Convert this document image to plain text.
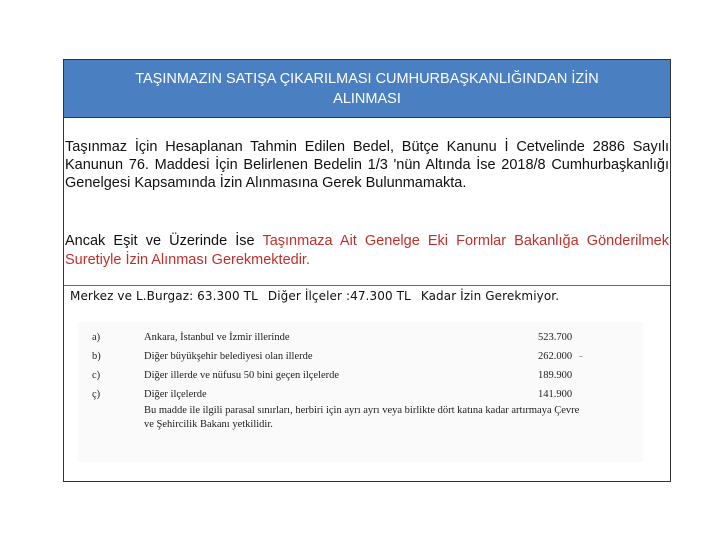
TAŞINMAZIN SATIŞA ÇIKARILMASI CUMHURBAŞKANLIĞINDAN İZİN ALINMASI
Taşınmaz İçin Hesaplanan Tahmin Edilen Bedel, Bütçe Kanunu İ Cetvelinde 2886 Sayılı Kanunun 76. Maddesi İçin Belirlenen Bedelin 1/3 'nün Altında İse 2018/8 Cumhurbaşkanlığı Genelgesi Kapsamında İzin Alınmasına Gerek Bulunmamakta.
Ancak Eşit ve Üzerinde İse Taşınmaza Ait Genelge Eki Formlar Bakanlığa Gönderilmek Suretiyle İzin Alınması Gerekmektedir.
Merkez ve L.Burgaz: 63.300 TL Diğer İlçeler :47.300 TL Kadar İzin Gerekmiyor.
a)	Ankara, İstanbul ve İzmir illerinde	523.700
b)	Diğer büyükşehir belediyesi olan illerde	262.000 -
c)	Diğer illerde ve nüfusu 50 bini geçen ilçelerde	189.900
ç)	Diğer ilçelerde	141.900
Bu madde ile ilgili parasal sınırları, herbiri için ayrı ayrı veya birlikte dört katına kadar artırmaya Çevre ve Şehircilik Bakanı yetkilidir.
